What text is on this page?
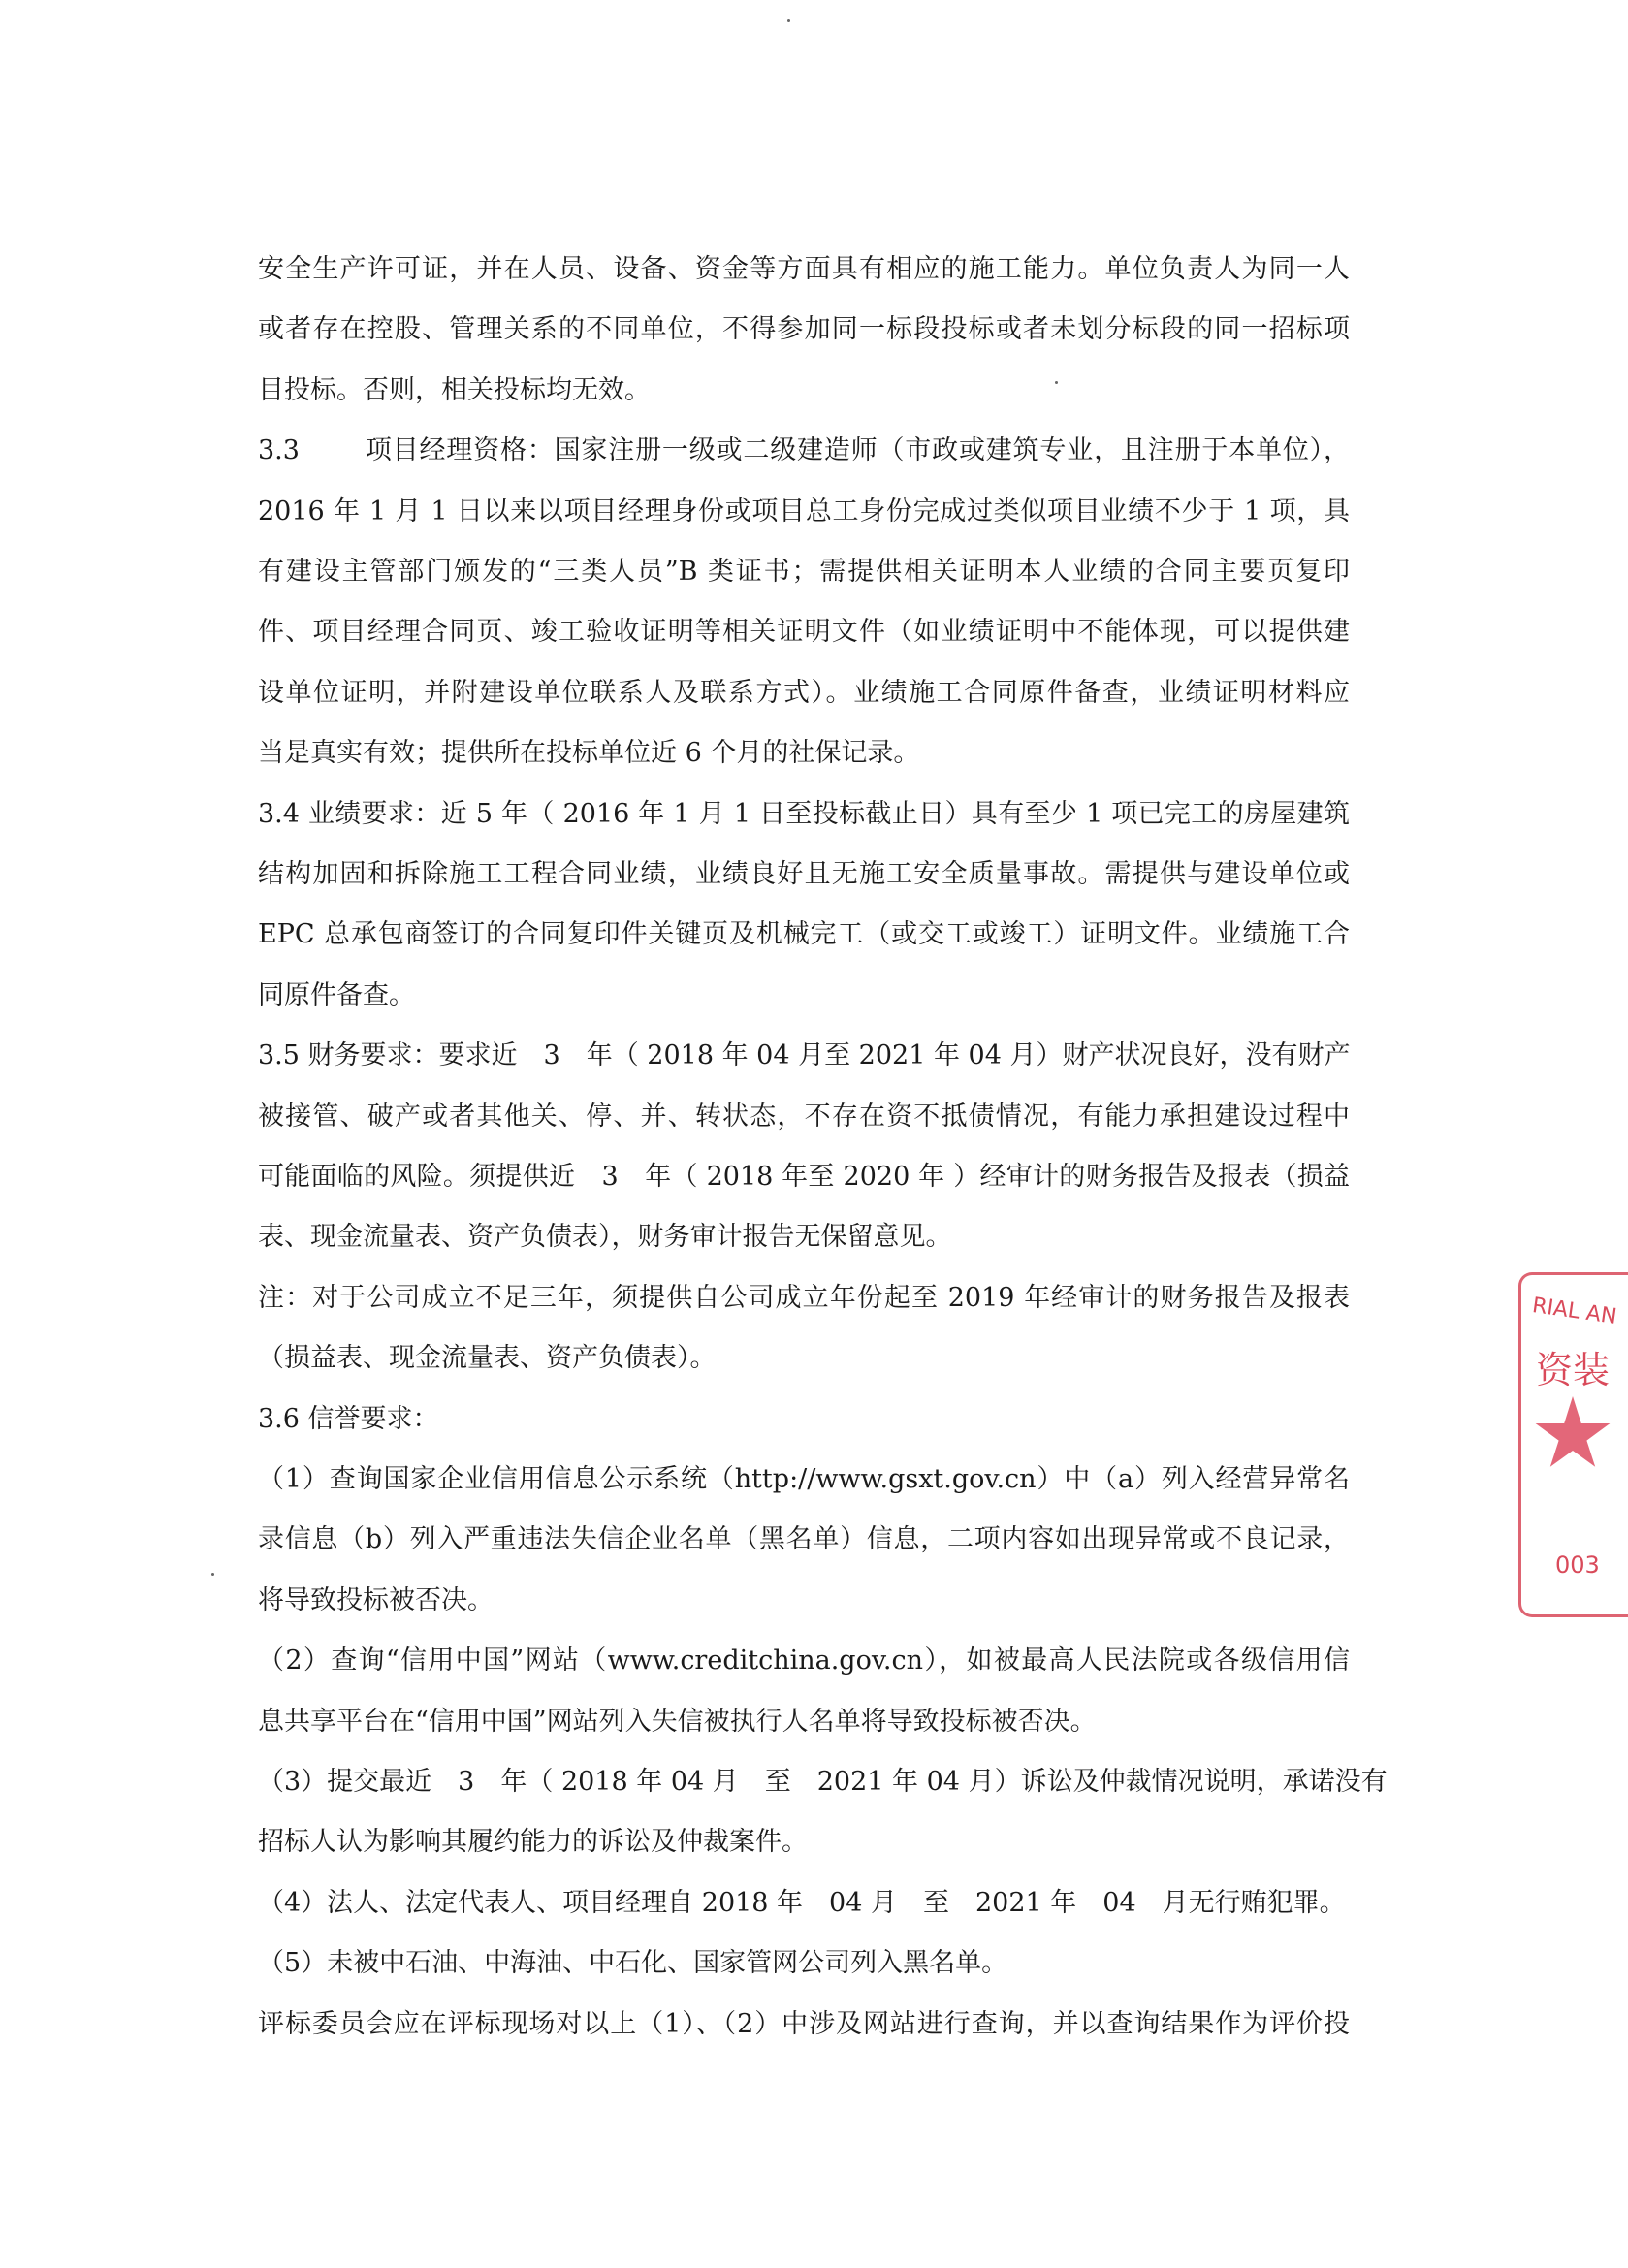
安全生产许可证，并在人员、设备、资金等方面具有相应的施工能力。单位负责人为同一人
或者存在控股、管理关系的不同单位，不得参加同一标段投标或者未划分标段的同一招标项
目投标。否则，相关投标均无效。
3.3 项目经理资格：国家注册一级或二级建造师（市政或建筑专业，且注册于本单位），
2016 年 1 月 1 日以来以项目经理身份或项目总工身份完成过类似项目业绩不少于 1 项，具
有建设主管部门颁发的“三类人员”B 类证书；需提供相关证明本人业绩的合同主要页复印
件、项目经理合同页、竣工验收证明等相关证明文件（如业绩证明中不能体现，可以提供建
设单位证明，并附建设单位联系人及联系方式）。业绩施工合同原件备查，业绩证明材料应
当是真实有效；提供所在投标单位近 6 个月的社保记录。
3.4 业绩要求：近 5 年（ 2016 年 1 月 1 日至投标截止日）具有至少 1 项已完工的房屋建筑
结构加固和拆除施工工程合同业绩，业绩良好且无施工安全质量事故。需提供与建设单位或
EPC 总承包商签订的合同复印件关键页及机械完工（或交工或竣工）证明文件。业绩施工合
同原件备查。
3.5 财务要求：要求近　3　年（ 2018 年 04 月至 2021 年 04 月）财产状况良好，没有财产
被接管、破产或者其他关、停、并、转状态，不存在资不抵债情况，有能力承担建设过程中
可能面临的风险。须提供近　3　年（ 2018 年至 2020 年 ）经审计的财务报告及报表（损益
表、现金流量表、资产负债表），财务审计报告无保留意见。
注：对于公司成立不足三年，须提供自公司成立年份起至 2019 年经审计的财务报告及报表
（损益表、现金流量表、资产负债表）。
3.6 信誉要求：
（1）查询国家企业信用信息公示系统（http://www.gsxt.gov.cn）中（a）列入经营异常名
录信息（b）列入严重违法失信企业名单（黑名单）信息，二项内容如出现异常或不良记录，
将导致投标被否决。
（2）查询“信用中国”网站（www.creditchina.gov.cn），如被最高人民法院或各级信用信
息共享平台在“信用中国”网站列入失信被执行人名单将导致投标被否决。
（3）提交最近　3　年（ 2018 年 04 月　至　2021 年 04 月）诉讼及仲裁情况说明，承诺没有
招标人认为影响其履约能力的诉讼及仲裁案件。
（4）法人、法定代表人、项目经理自 2018 年　04 月　至　2021 年　04　月无行贿犯罪。
（5）未被中石油、中海油、中石化、国家管网公司列入黑名单。
评标委员会应在评标现场对以上（1）、（2）中涉及网站进行查询，并以查询结果作为评价投
RIAL AN
资装
003
